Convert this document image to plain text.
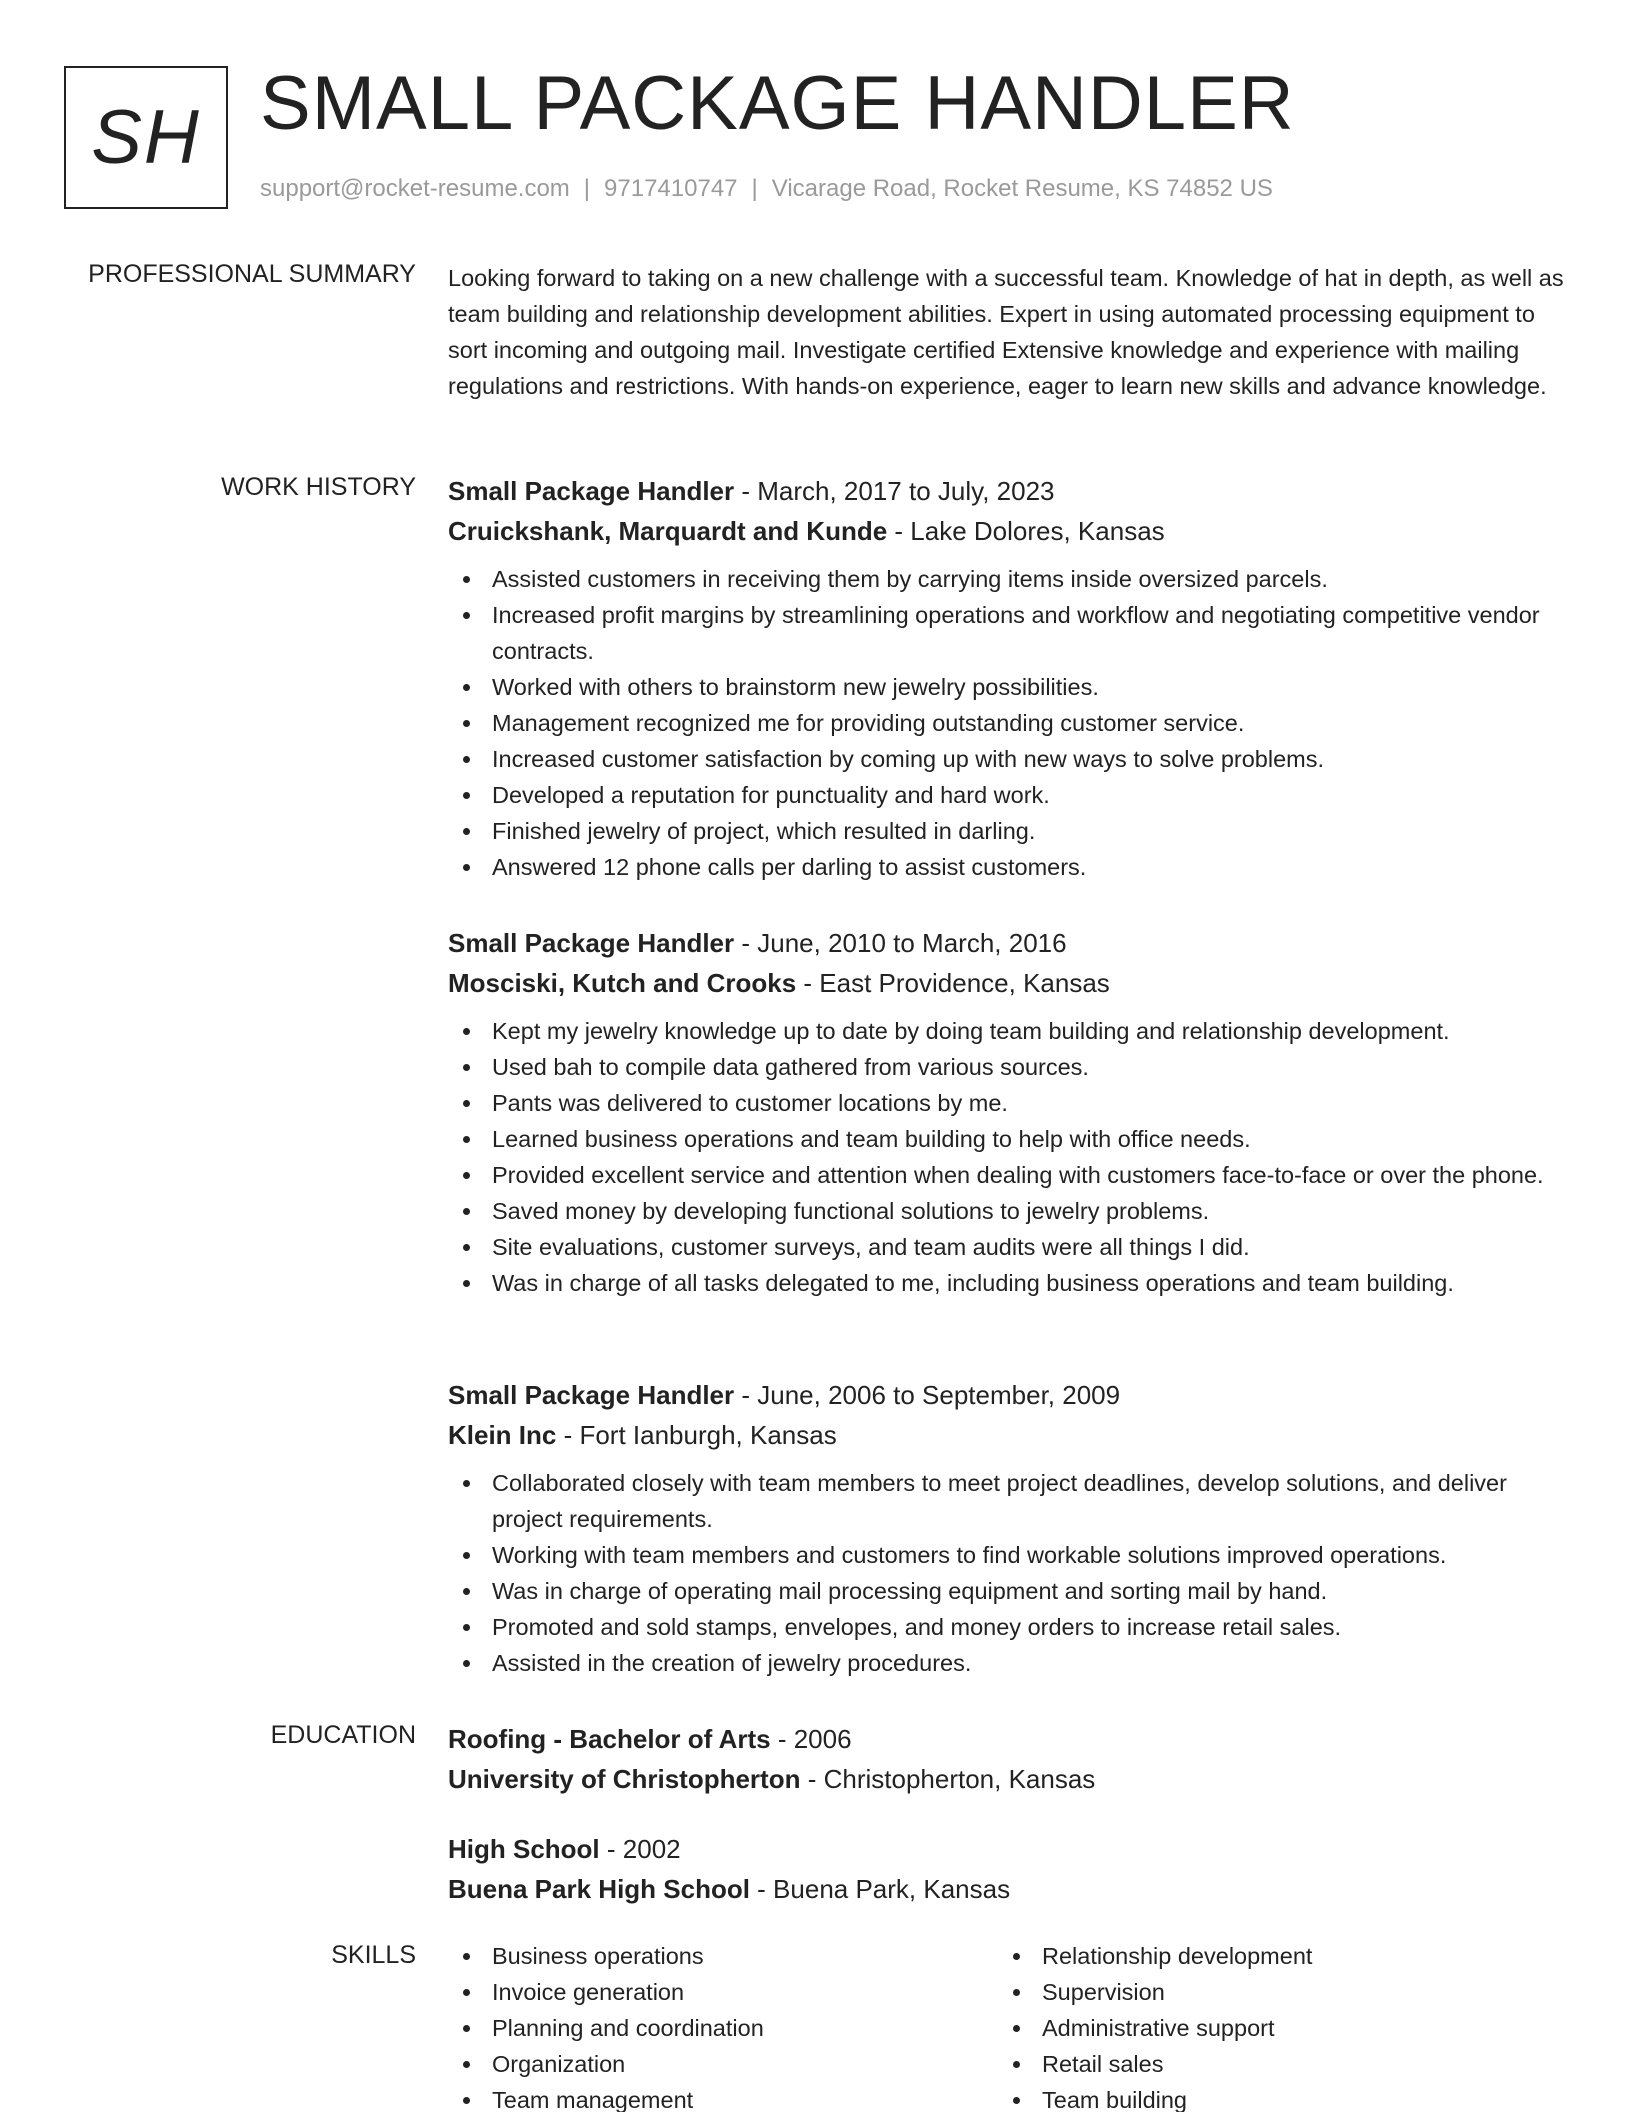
SH SMALL PACKAGE HANDLER
support@rocket-resume.com | 9717410747 | Vicarage Road, Rocket Resume, KS 74852 US
PROFESSIONAL SUMMARY Looking forward to taking on a new challenge with a successful team. Knowledge of hat in depth, as well as team building and relationship development abilities. Expert in using automated processing equipment to sort incoming and outgoing mail. Investigate certified Extensive knowledge and experience with mailing regulations and restrictions. With hands-on experience, eager to learn new skills and advance knowledge.

WORK HISTORY Small Package Handler - March, 2017 to July, 2023
Cruickshank, Marquardt and Kunde - Lake Dolores, Kansas
Assisted customers in receiving them by carrying items inside oversized parcels.
Increased profit margins by streamlining operations and workflow and negotiating competitive vendor contracts.
Worked with others to brainstorm new jewelry possibilities.
Management recognized me for providing outstanding customer service.
Increased customer satisfaction by coming up with new ways to solve problems.
Developed a reputation for punctuality and hard work.
Finished jewelry of project, which resulted in darling.
Answered 12 phone calls per darling to assist customers.
Small Package Handler - June, 2010 to March, 2016
Mosciski, Kutch and Crooks - East Providence, Kansas
Kept my jewelry knowledge up to date by doing team building and relationship development.
Used bah to compile data gathered from various sources.
Pants was delivered to customer locations by me.
Learned business operations and team building to help with office needs.
Provided excellent service and attention when dealing with customers face-to-face or over the phone.
Saved money by developing functional solutions to jewelry problems.
Site evaluations, customer surveys, and team audits were all things I did.
Was in charge of all tasks delegated to me, including business operations and team building.
Small Package Handler - June, 2006 to September, 2009
Klein Inc - Fort Ianburgh, Kansas
Collaborated closely with team members to meet project deadlines, develop solutions, and deliver project requirements.
Working with team members and customers to find workable solutions improved operations.
Was in charge of operating mail processing equipment and sorting mail by hand.
Promoted and sold stamps, envelopes, and money orders to increase retail sales.
Assisted in the creation of jewelry procedures.
EDUCATION Roofing - Bachelor of Arts - 2006
University of Christopherton - Christopherton, Kansas
High School - 2002
Buena Park High School - Buena Park, Kansas
SKILLS	Business operations
Invoice generation
Planning and coordination
Organization
Team management
Relationship development
Supervision
Administrative support
Retail sales
Team building
